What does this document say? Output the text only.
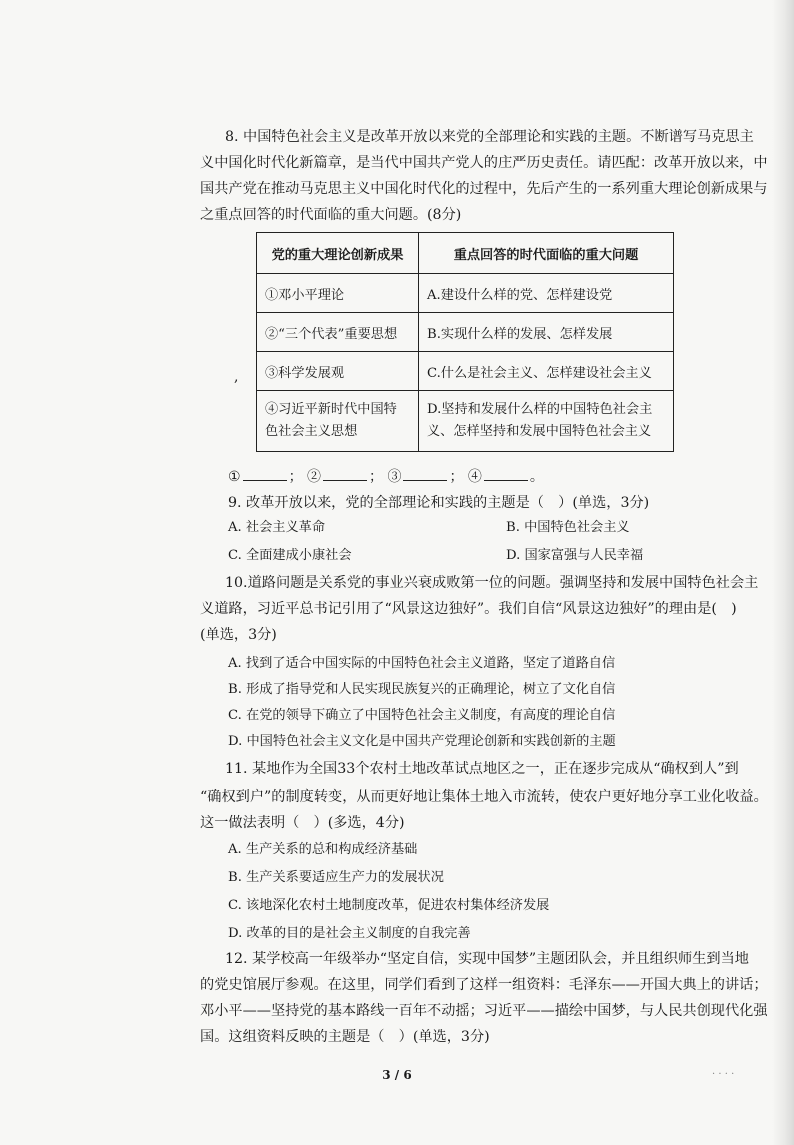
8. 中国特色社会主义是改革开放以来党的全部理论和实践的主题。不断谱写马克思主
义中国化时代化新篇章，是当代中国共产党人的庄严历史责任。请匹配：改革开放以来，中
国共产党在推动马克思主义中国化时代化的过程中，先后产生的一系列重大理论创新成果与
之重点回答的时代面临的重大问题。(8分)
党的重大理论创新成果	重点回答的时代面临的重大问题
①邓小平理论	A.建设什么样的党、怎样建设党
②“三个代表”重要思想	B.实现什么样的发展、怎样发展
③科学发展观	C.什么是社会主义、怎样建设社会主义
④习近平新时代中国特色社会主义思想	D.坚持和发展什么样的中国特色社会主义、怎样坚持和发展中国特色社会主义
,
①	； ②	； ③	； ④	。
9. 改革开放以来，党的全部理论和实践的主题是（　）(单选，3分)
A. 社会主义革命	B. 中国特色社会主义
C. 全面建成小康社会	D. 国家富强与人民幸福
10.道路问题是关系党的事业兴衰成败第一位的问题。强调坚持和发展中国特色社会主
义道路，习近平总书记引用了“风景这边独好”。我们自信“风景这边独好”的理由是(　)
(单选，3分)
A. 找到了适合中国实际的中国特色社会主义道路，坚定了道路自信
B. 形成了指导党和人民实现民族复兴的正确理论，树立了文化自信
C. 在党的领导下确立了中国特色社会主义制度，有高度的理论自信
D. 中国特色社会主义文化是中国共产党理论创新和实践创新的主题
11. 某地作为全国33个农村土地改革试点地区之一，正在逐步完成从“确权到人”到
“确权到户”的制度转变，从而更好地让集体土地入市流转，使农户更好地分享工业化收益。
这一做法表明（　）(多选，4分)
A. 生产关系的总和构成经济基础
B. 生产关系要适应生产力的发展状况
C. 该地深化农村土地制度改革，促进农村集体经济发展
D. 改革的目的是社会主义制度的自我完善
12. 某学校高一年级举办“坚定自信，实现中国梦”主题团队会，并且组织师生到当地
的党史馆展厅参观。在这里，同学们看到了这样一组资料：毛泽东——开国大典上的讲话；
邓小平——坚持党的基本路线一百年不动摇；习近平——描绘中国梦，与人民共创现代化强
国。这组资料反映的主题是（　）(单选，3分)
3 / 6	· · · ·
